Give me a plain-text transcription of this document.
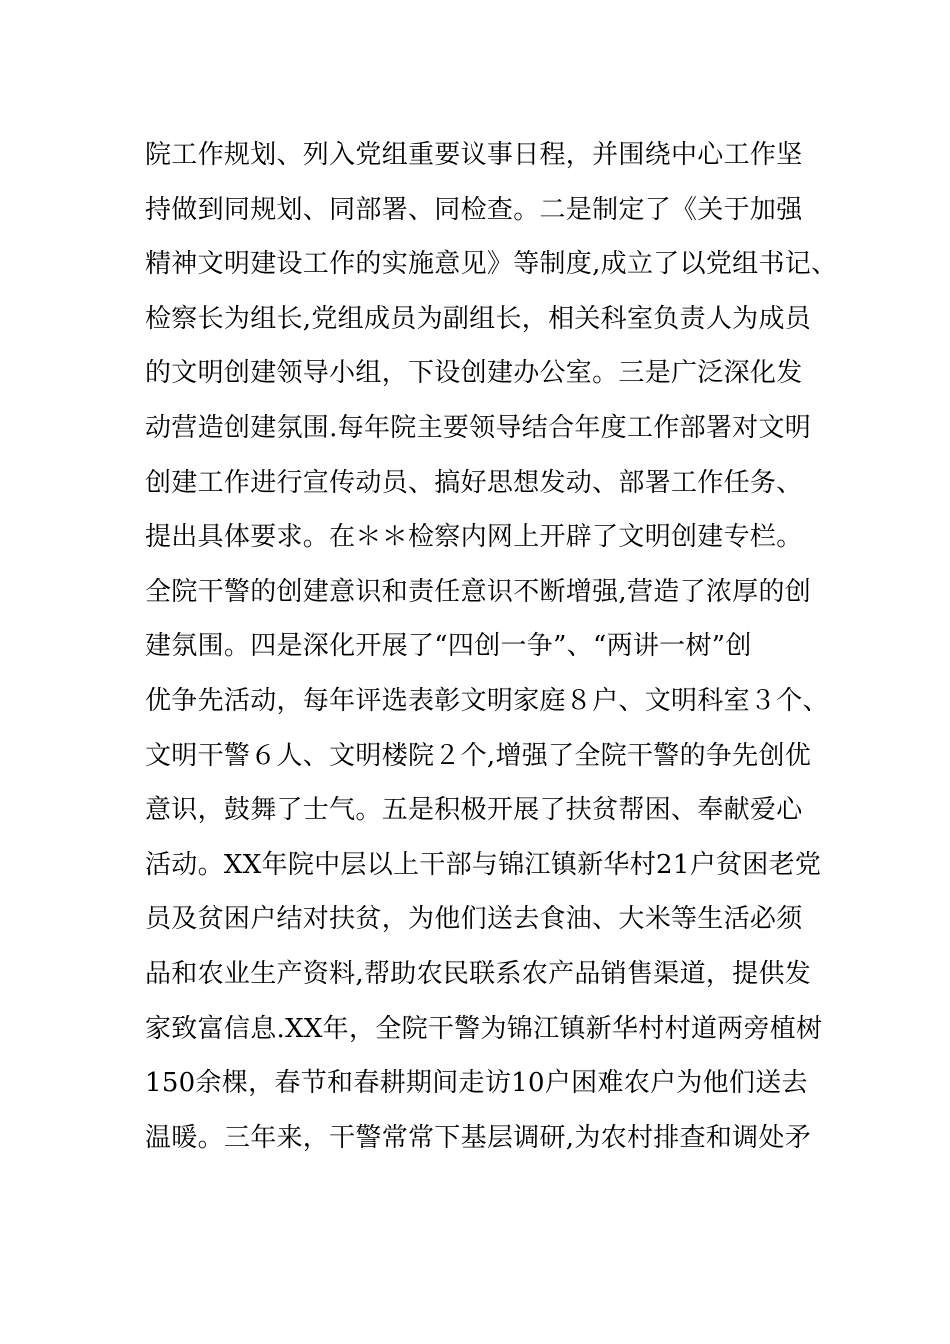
院工作规划、列入党组重要议事日程，并围绕中心工作坚
持做到同规划、同部署、同检查。二是制定了《关于加强
精神文明建设工作的实施意见》等制度,成立了以党组书记、
检察长为组长,党组成员为副组长，相关科室负责人为成员
的文明创建领导小组，下设创建办公室。三是广泛深化发
动营造创建氛围.每年院主要领导结合年度工作部署对文明
创建工作进行宣传动员、搞好思想发动、部署工作任务、
提出具体要求。在＊＊检察内网上开辟了文明创建专栏。
全院干警的创建意识和责任意识不断增强,营造了浓厚的创
建氛围。四是深化开展了“四创一争”、“两讲一树”创
优争先活动，每年评选表彰文明家庭８户、文明科室３个、
文明干警６人、文明楼院２个,增强了全院干警的争先创优
意识，鼓舞了士气。五是积极开展了扶贫帮困、奉献爱心
活动。XX年院中层以上干部与锦江镇新华村21户贫困老党
员及贫困户结对扶贫，为他们送去食油、大米等生活必须
品和农业生产资料,帮助农民联系农产品销售渠道，提供发
家致富信息.XX年，全院干警为锦江镇新华村村道两旁植树
150余棵，春节和春耕期间走访10户困难农户为他们送去
温暖。三年来，干警常常下基层调研,为农村排查和调处矛
